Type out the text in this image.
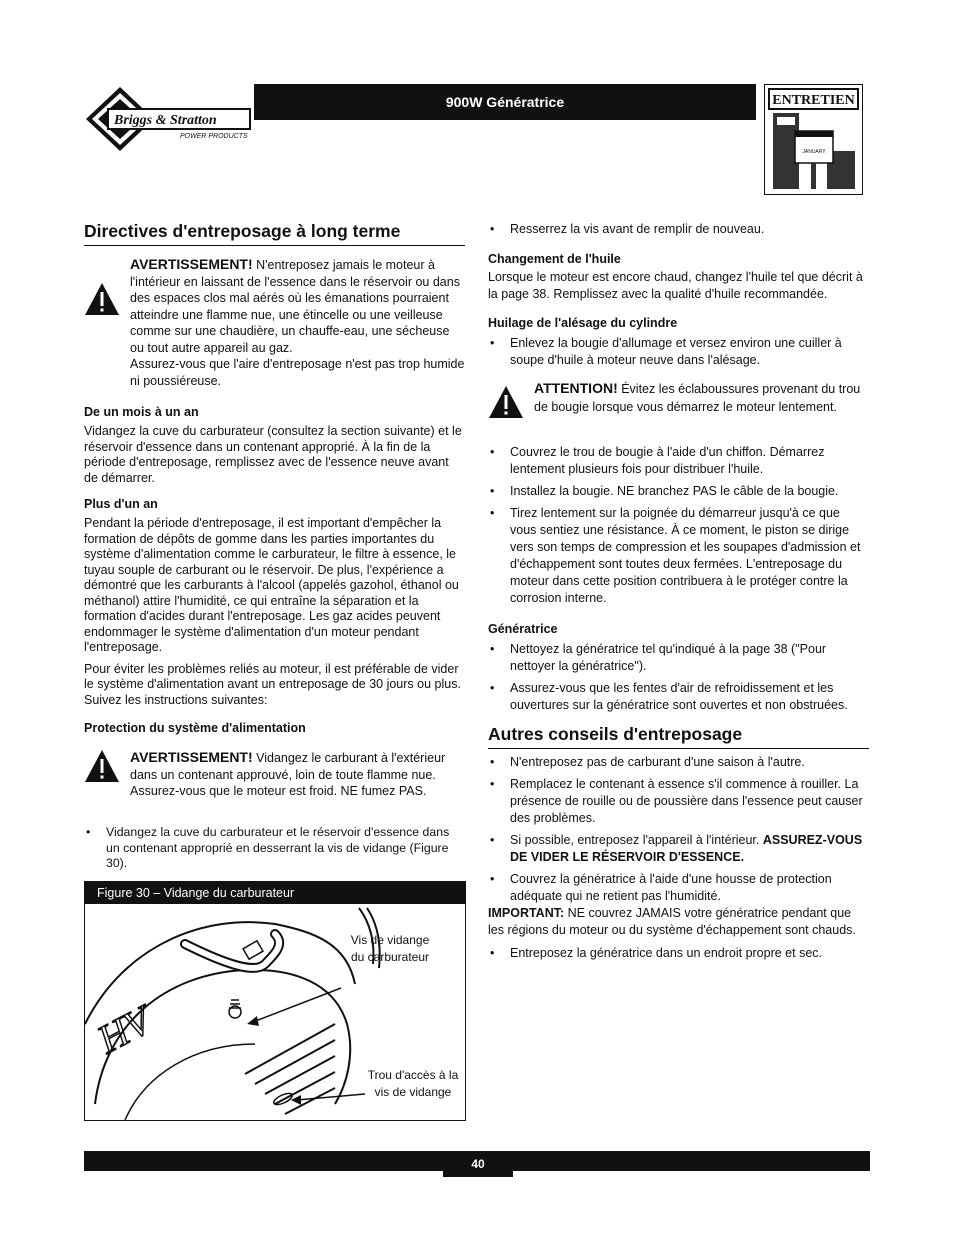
Briggs & Stratton
POWER PRODUCTS
900W Génératrice	ENTRETIEN
JANUARY
Directives d'entreposage à long terme

AVERTISSEMENT! N'entreposez jamais le moteur à l'intérieur en laissant de l'essence dans le réservoir ou dans des espaces clos mal aérés où les émanations pourraient atteindre une flamme nue, une étincelle ou une veilleuse comme sur une chaudière, un chauffe-eau, une sécheuse ou tout autre appareil au gaz.

Assurez-vous que l'aire d'entreposage n'est pas trop humide ni poussiéreuse.

De un mois à un an

Vidangez la cuve du carburateur (consultez la section suivante) et le réservoir d'essence dans un contenant approprié. À la fin de la période d'entreposage, remplissez avec de l'essence neuve avant de démarrer.

Plus d'un an

Pendant la période d'entreposage, il est important d'empêcher la formation de dépôts de gomme dans les parties importantes du système d'alimentation comme le carburateur, le filtre à essence, le tuyau souple de carburant ou le réservoir. De plus, l'expérience a démontré que les carburants à l'alcool (appelés gazohol, éthanol ou méthanol) attire l'humidité, ce qui entraîne la séparation et la formation d'acides durant l'entreposage. Les gaz acides peuvent endommager le système d'alimentation d'un moteur pendant l'entreposage.

Pour éviter les problèmes reliés au moteur, il est préférable de vider le système d'alimentation avant un entreposage de 30 jours ou plus. Suivez les instructions suivantes:

Protection du système d'alimentation

AVERTISSEMENT! Vidangez le carburant à l'extérieur dans un contenant approuvé, loin de toute flamme nue. Assurez-vous que le moteur est froid. NE fumez PAS.

• Vidangez la cuve du carburateur et le réservoir d'essence dans un contenant approprié en desserrant la vis de vidange (Figure 30).
Figure 30 – Vidange du carburateur
HV
Vis de vidange du carburateur
Trou d'accès à la vis de vidange
• Resserrez la vis avant de remplir de nouveau.
Changement de l'huile

Lorsque le moteur est encore chaud, changez l'huile tel que décrit à la page 38. Remplissez avec la qualité d'huile recommandée.

Huilage de l'alésage du cylindre
• Enlevez la bougie d'allumage et versez environ une cuiller à soupe d'huile à moteur neuve dans l'alésage.

ATTENTION! Évitez les éclaboussures provenant du trou de bougie lorsque vous démarrez le moteur lentement.

• Couvrez le trou de bougie à l'aide d'un chiffon. Démarrez lentement plusieurs fois pour distribuer l'huile.
• Installez la bougie. NE branchez PAS le câble de la bougie.
• Tirez lentement sur la poignée du démarreur jusqu'à ce que vous sentiez une résistance. À ce moment, le piston se dirige vers son temps de compression et les soupapes d'admission et d'échappement sont toutes deux fermées. L'entreposage du moteur dans cette position contribuera à le protéger contre la corrosion interne.
Génératrice
• Nettoyez la génératrice tel qu'indiqué à la page 38 ("Pour nettoyer la génératrice").
• Assurez-vous que les fentes d'air de refroidissement et les ouvertures sur la génératrice sont ouvertes et non obstruées.
Autres conseils d'entreposage
• N'entreposez pas de carburant d'une saison à l'autre.
• Remplacez le contenant à essence s'il commence à rouiller. La présence de rouille ou de poussière dans l'essence peut causer des problèmes.
• Si possible, entreposez l'appareil à l'intérieur. ASSUREZ-VOUS DE VIDER LE RÉSERVOIR D'ESSENCE.
• Couvrez la génératrice à l'aide d'une housse de protection adéquate qui ne retient pas l'humidité.

IMPORTANT: NE couvrez JAMAIS votre génératrice pendant que les régions du moteur ou du système d'échappement sont chauds.

• Entreposez la génératrice dans un endroit propre et sec.
40
